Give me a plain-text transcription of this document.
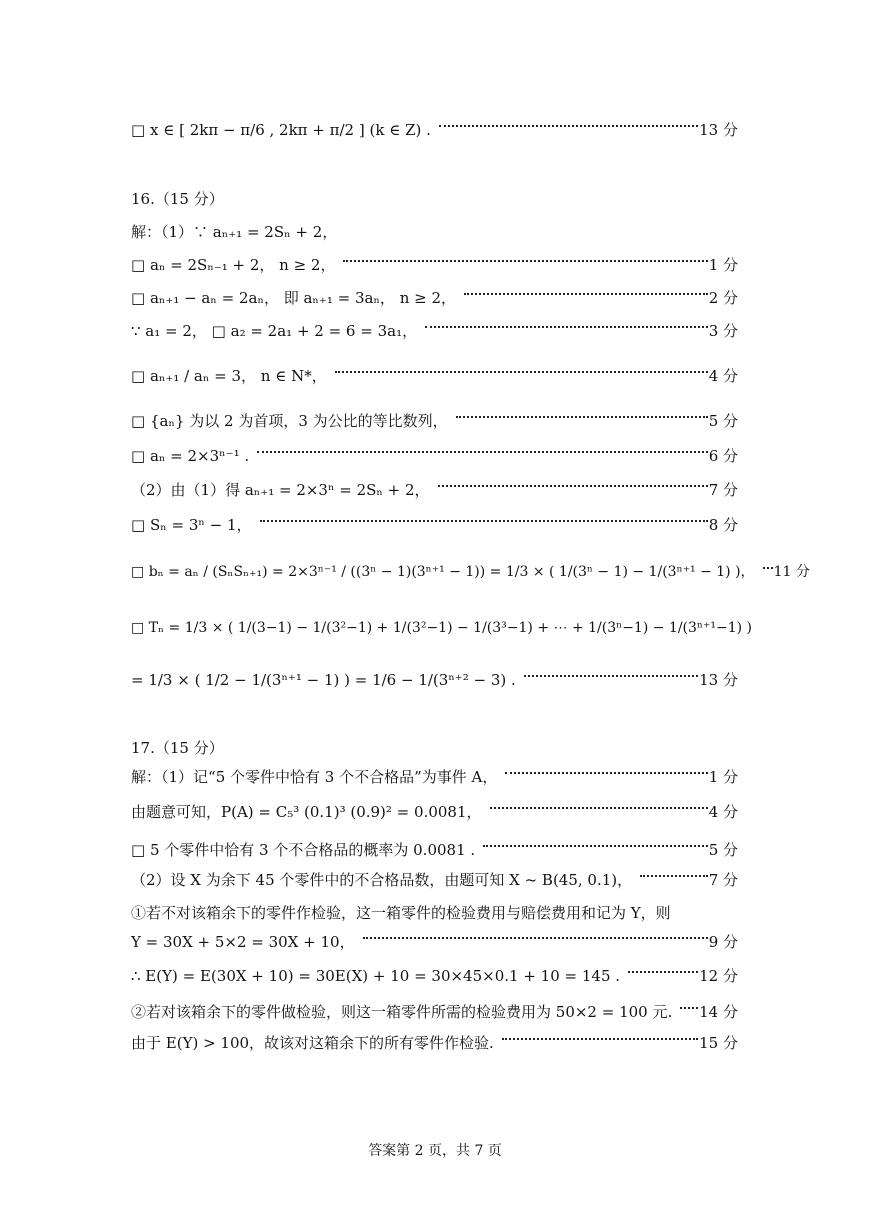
□ x ∈ [ 2kπ − π/6 , 2kπ + π/2 ] (k ∈ Z) .	13 分
16.（15 分）
解：（1）∵ aₙ₊₁ = 2Sₙ + 2，
□ aₙ = 2Sₙ₋₁ + 2， n ≥ 2，	1 分
□ aₙ₊₁ − aₙ = 2aₙ， 即 aₙ₊₁ = 3aₙ， n ≥ 2，	2 分
∵ a₁ = 2， □ a₂ = 2a₁ + 2 = 6 = 3a₁，	3 分
□ aₙ₊₁ / aₙ = 3， n ∈ N*，	4 分
□ {aₙ} 为以 2 为首项，3 为公比的等比数列，	5 分
□ aₙ = 2×3ⁿ⁻¹ .	6 分
（2）由（1）得 aₙ₊₁ = 2×3ⁿ = 2Sₙ + 2，	7 分
□ Sₙ = 3ⁿ − 1，	8 分
□ bₙ = aₙ / (SₙSₙ₊₁) = 2×3ⁿ⁻¹ / ((3ⁿ − 1)(3ⁿ⁺¹ − 1)) = 1/3 × ( 1/(3ⁿ − 1) − 1/(3ⁿ⁺¹ − 1) )， 11 分
□ Tₙ = 1/3 × ( 1/(3−1) − 1/(3²−1) + 1/(3²−1) − 1/(3³−1) + ⋯ + 1/(3ⁿ−1) − 1/(3ⁿ⁺¹−1) )
= 1/3 × ( 1/2 − 1/(3ⁿ⁺¹ − 1) ) = 1/6 − 1/(3ⁿ⁺² − 3) .	13 分
17.（15 分）
解：（1）记“5 个零件中恰有 3 个不合格品”为事件 A，	1 分
由题意可知，P(A) = C₅³ (0.1)³ (0.9)² = 0.0081，	4 分
□ 5 个零件中恰有 3 个不合格品的概率为 0.0081 .	5 分
（2）设 X 为余下 45 个零件中的不合格品数，由题可知 X ~ B(45, 0.1)，	7 分
①若不对该箱余下的零件作检验，这一箱零件的检验费用与赔偿费用和记为 Y，则
Y = 30X + 5×2 = 30X + 10，	9 分
∴ E(Y) = E(30X + 10) = 30E(X) + 10 = 30×45×0.1 + 10 = 145 .	12 分
②若对该箱余下的零件做检验，则这一箱零件所需的检验费用为 50×2 = 100 元. 14 分
由于 E(Y) > 100，故该对这箱余下的所有零件作检验.	15 分
答案第 2 页，共 7 页
